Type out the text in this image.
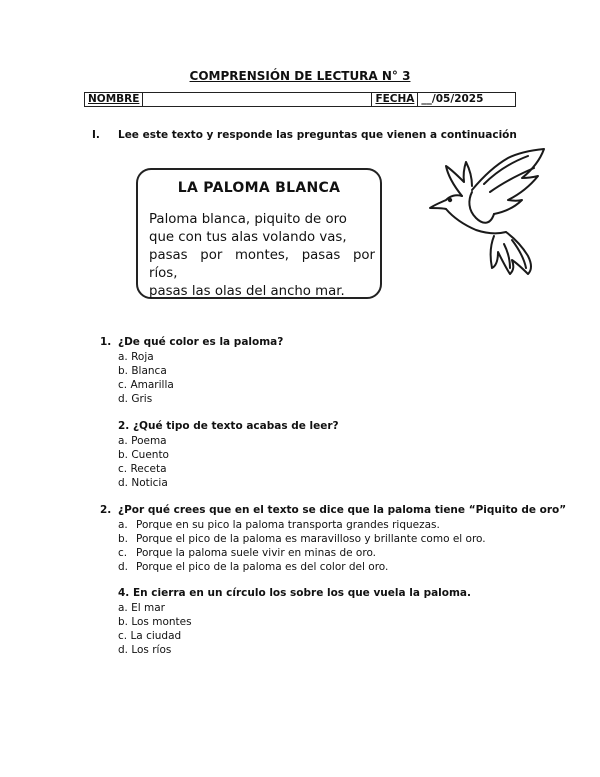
COMPRENSIÓN DE LECTURA N° 3
NOMBRE		FECHA	__/05/2025
I. Lee este texto y responde las preguntas que vienen a continuación
LA PALOMA BLANCA
Paloma blanca, piquito de oro
que con tus alas volando vas,
pasas por montes, pasas por
ríos,
pasas las olas del ancho mar.
1. ¿De qué color es la paloma?
a. Roja
b. Blanca
c. Amarilla
d. Gris
2. ¿Qué tipo de texto acabas de leer?
a. Poema
b. Cuento
c. Receta
d. Noticia
2. ¿Por qué crees que en el texto se dice que la paloma tiene “Piquito de oro”
a. Porque en su pico la paloma transporta grandes riquezas.
b. Porque el pico de la paloma es maravilloso y brillante como el oro.
c. Porque la paloma suele vivir en minas de oro.
d. Porque el pico de la paloma es del color del oro.
4. En cierra en un círculo los sobre los que vuela la paloma.
a. El mar
b. Los montes
c. La ciudad
d. Los ríos
